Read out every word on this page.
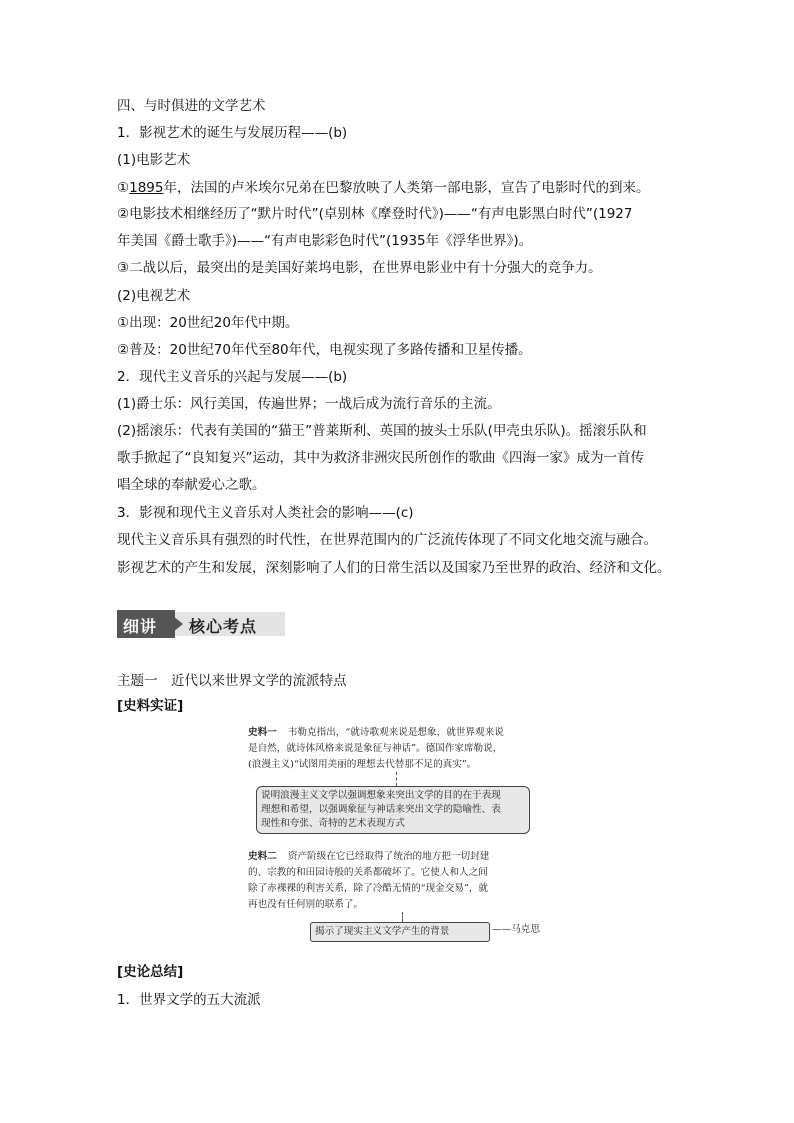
四、与时俱进的文学艺术
1．影视艺术的诞生与发展历程——(b)
(1)电影艺术
①1895年，法国的卢米埃尔兄弟在巴黎放映了人类第一部电影，宣告了电影时代的到来。
②电影技术相继经历了“默片时代”(卓别林《摩登时代》)——“有声电影黑白时代”(1927
年美国《爵士歌手》)——“有声电影彩色时代”(1935年《浮华世界》)。
③二战以后，最突出的是美国好莱坞电影，在世界电影业中有十分强大的竞争力。
(2)电视艺术
①出现：20世纪20年代中期。
②普及：20世纪70年代至80年代，电视实现了多路传播和卫星传播。
2．现代主义音乐的兴起与发展——(b)
(1)爵士乐：风行美国，传遍世界；一战后成为流行音乐的主流。
(2)摇滚乐：代表有美国的“猫王”普莱斯利、英国的披头士乐队(甲壳虫乐队)。摇滚乐队和
歌手掀起了“良知复兴”运动，其中为救济非洲灾民所创作的歌曲《四海一家》成为一首传
唱全球的奉献爱心之歌。
3．影视和现代主义音乐对人类社会的影响——(c)
现代主义音乐具有强烈的时代性，在世界范围内的广泛流传体现了不同文化地交流与融合。
影视艺术的产生和发展，深刻影响了人们的日常生活以及国家乃至世界的政治、经济和文化。
核心考点
细讲
主题一　近代以来世界文学的流派特点
[史料实证]
史料一 韦勒克指出，“就诗歌观来说是想象，就世界观来说
是自然，就诗体风格来说是象征与神话”。德国作家席勒说，
(浪漫主义)“试图用美丽的理想去代替那不足的真实”。
说明浪漫主义文学以强调想象来突出文学的目的在于表现
理想和希望，以强调象征与神话来突出文学的隐喻性、表
现性和夸张、奇特的艺术表现方式
史料二 资产阶级在它已经取得了统治的地方把一切封建
的、宗教的和田园诗般的关系都破坏了。它使人和人之间
除了赤裸裸的利害关系，除了冷酷无情的“现金交易”，就
再也没有任何别的联系了。
揭示了现实主义文学产生的背景	——马克思
[史论总结]
1．世界文学的五大流派
